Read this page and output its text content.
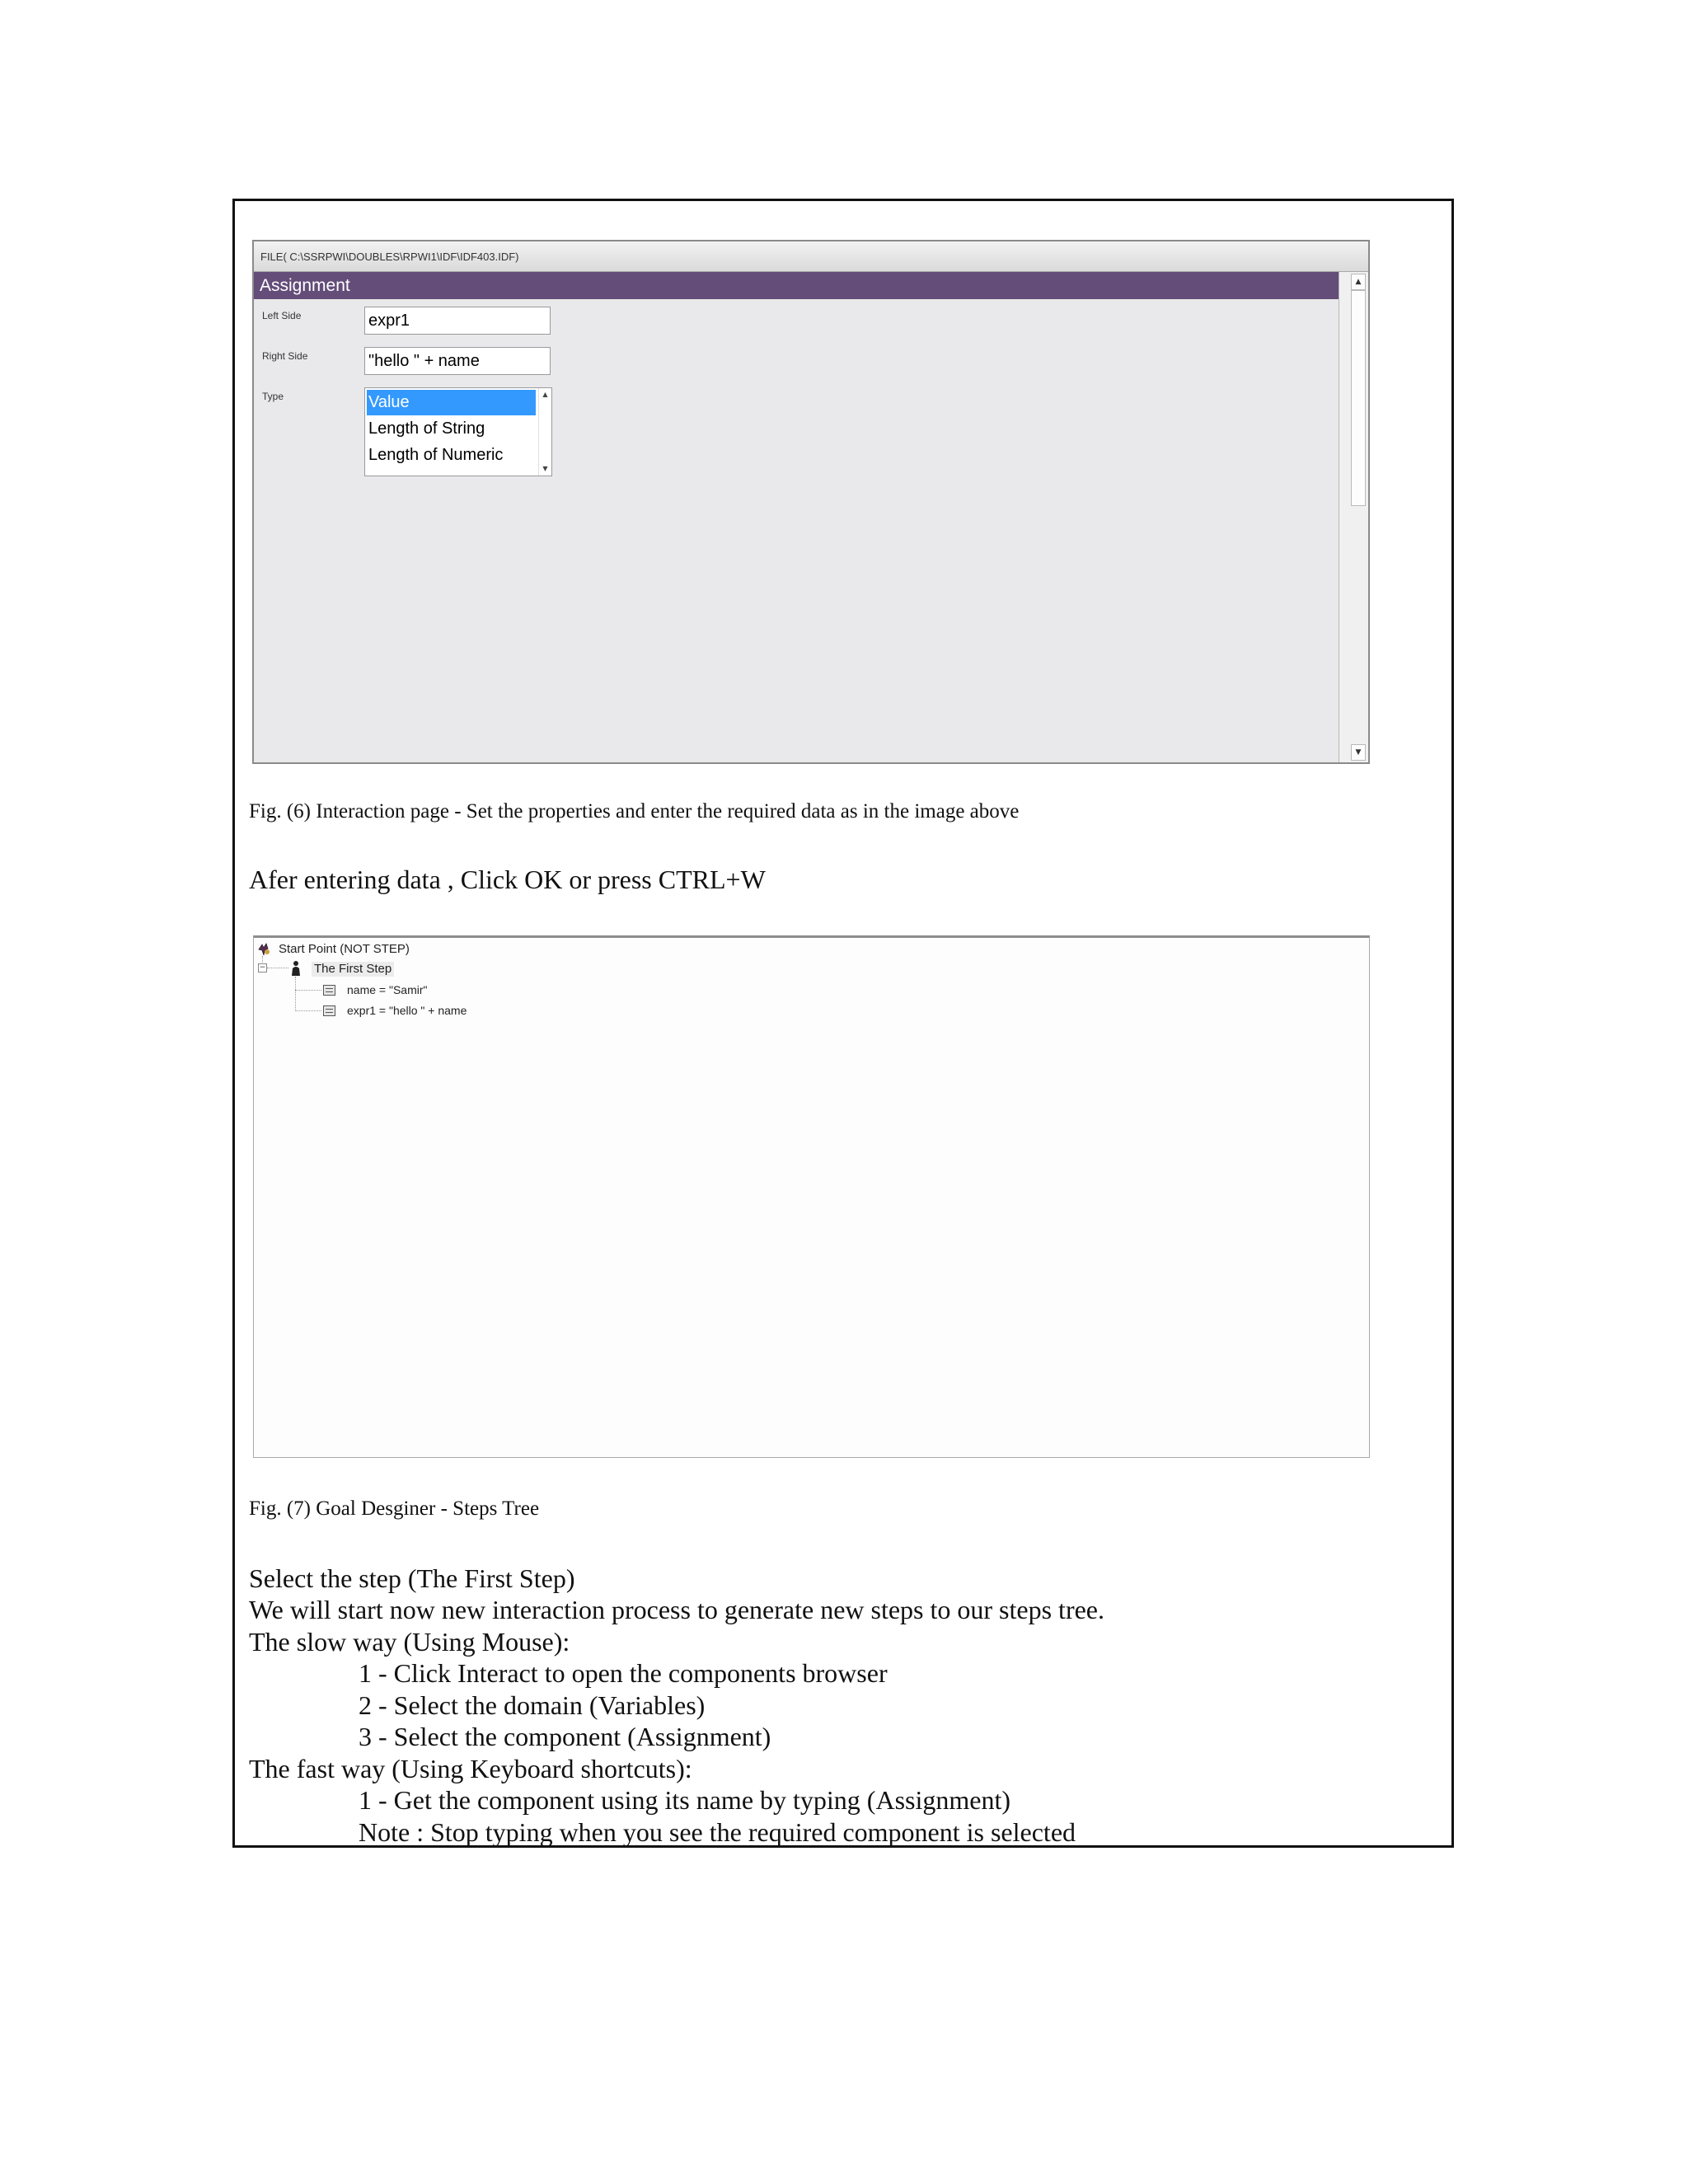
FILE( C:\SSRPWI\DOUBLES\RPWI1\IDF\IDF403.IDF)
Assignment
Left Side	expr1
Right Side	"hello " + name
Type	Value
Length of String
Length of Numeric
▲
▼
▲
▼
Fig. (6) Interaction page - Set the properties and enter the required data as in the image above
Afer entering data , Click OK or press CTRL+W
Start Point (NOT STEP)
−	The First Step
name = "Samir"
expr1 = "hello " + name
Fig. (7) Goal Desginer - Steps Tree
Select the step (The First Step)
We will start now new interaction process to generate new steps to our steps tree.
The slow way (Using Mouse):
1 - Click Interact to open the components browser
2 - Select the domain (Variables)
3 - Select the component (Assignment)
The fast way (Using Keyboard shortcuts):
1 - Get the component using its name by typing (Assignment)
Note : Stop typing when you see the required component is selected
